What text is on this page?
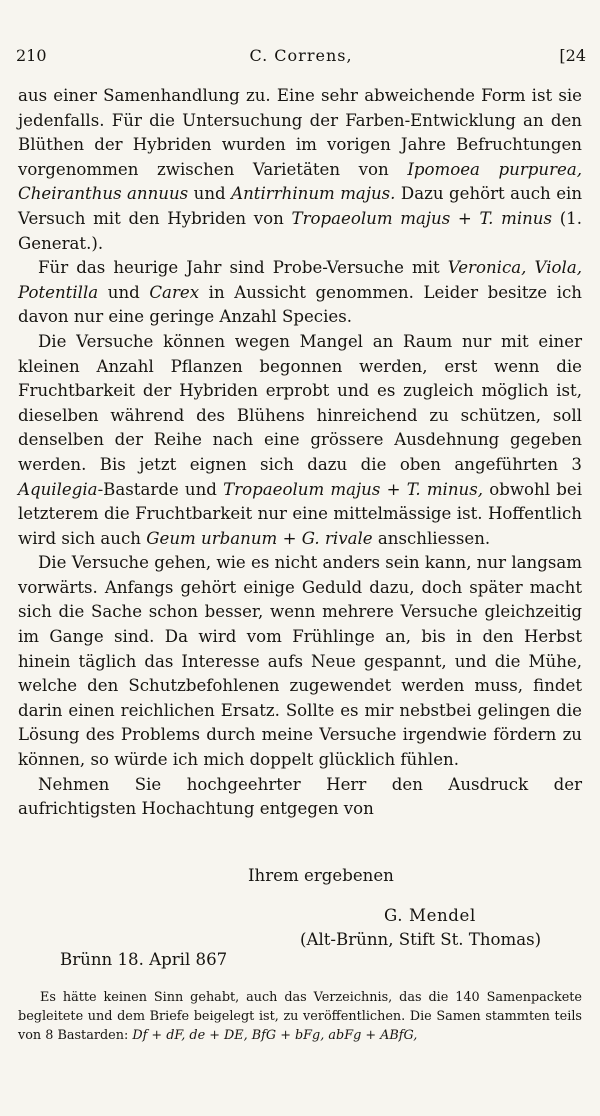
210	C. Correns,	[24

aus einer Samenhandlung zu. Eine sehr abweichende Form ist sie jedenfalls. Für die Untersuchung der Farben-Entwicklung an den Blüthen der Hybriden wurden im vorigen Jahre Befruchtungen vorgenommen zwischen Varietäten von Ipomoea purpurea, Cheiranthus annuus und Antirrhinum majus. Dazu gehört auch ein Versuch mit den Hybriden von Tropaeolum majus + T. minus (1. Generat.).

Für das heurige Jahr sind Probe-Versuche mit Veronica, Viola, Potentilla und Carex in Aussicht genommen. Leider besitze ich davon nur eine geringe Anzahl Species.

Die Versuche können wegen Mangel an Raum nur mit einer kleinen Anzahl Pflanzen begonnen werden, erst wenn die Fruchtbarkeit der Hybriden erprobt und es zugleich möglich ist, dieselben während des Blühens hinreichend zu schützen, soll denselben der Reihe nach eine grössere Ausdehnung gegeben werden. Bis jetzt eignen sich dazu die oben angeführten 3 Aquilegia-Bastarde und Tropaeolum majus + T. minus, obwohl bei letzterem die Fruchtbarkeit nur eine mittelmässige ist. Hoffentlich wird sich auch Geum urbanum + G. rivale anschliessen.

Die Versuche gehen, wie es nicht anders sein kann, nur langsam vorwärts. Anfangs gehört einige Geduld dazu, doch später macht sich die Sache schon besser, wenn mehrere Versuche gleichzeitig im Gange sind. Da wird vom Frühlinge an, bis in den Herbst hinein täglich das Interesse aufs Neue gespannt, und die Mühe, welche den Schutzbefohlenen zugewendet werden muss, findet darin einen reichlichen Ersatz. Sollte es mir nebstbei gelingen die Lösung des Problems durch meine Versuche irgendwie fördern zu können, so würde ich mich doppelt glücklich fühlen.

Nehmen Sie hochgeehrter Herr den Ausdruck der aufrichtigsten Hochachtung entgegen von

Ihrem ergebenen
G. Mendel
(Alt-Brünn, Stift St. Thomas)
Brünn 18. April 867

Es hätte keinen Sinn gehabt, auch das Verzeichnis, das die 140 Samenpackete begleitete und dem Briefe beigelegt ist, zu veröffentlichen. Die Samen stammten teils von 8 Bastarden: Df + dF, de + DE, BfG + bFg, abFg + ABfG,
